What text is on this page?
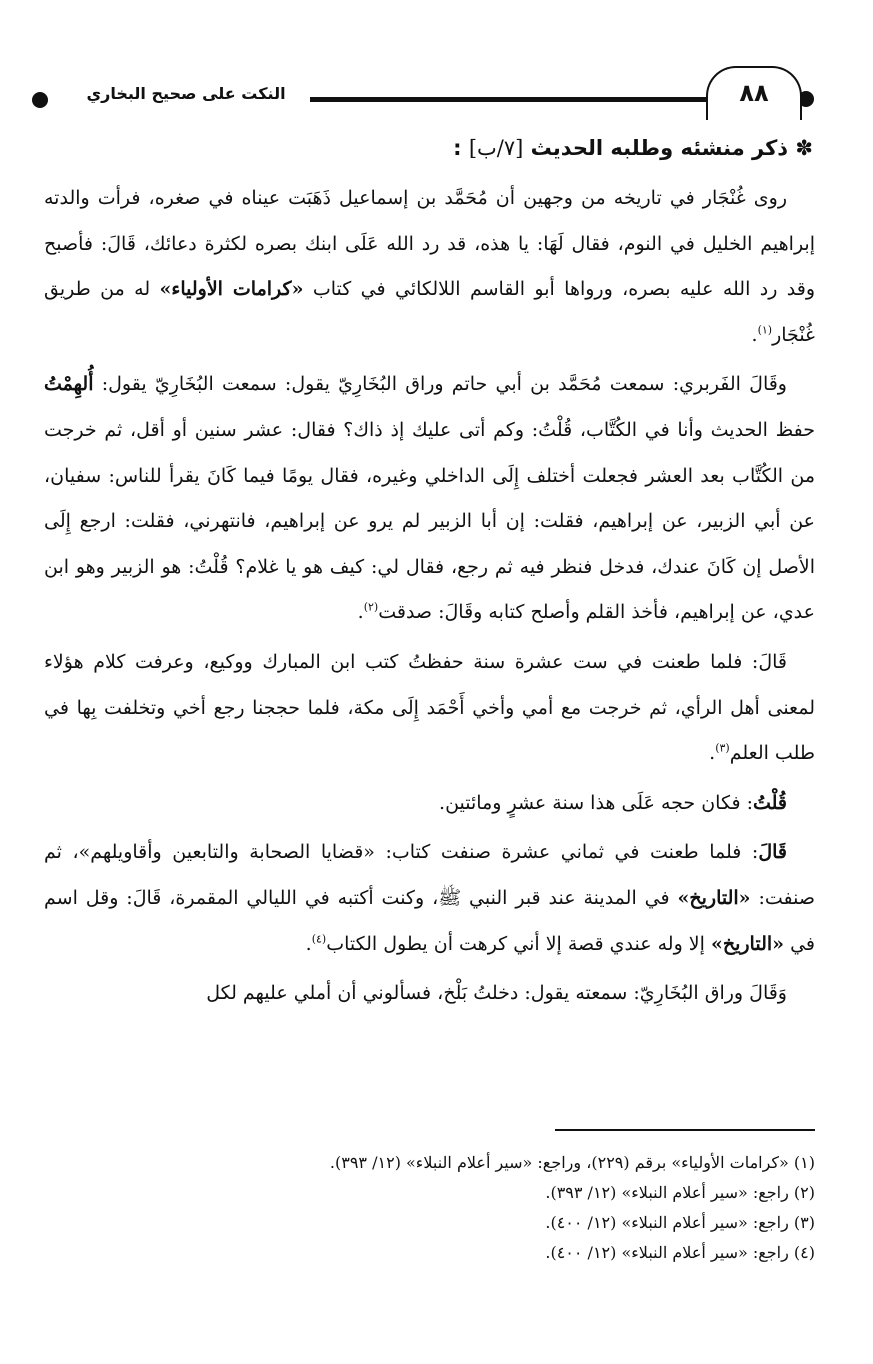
٨٨
النكت على صحيح البخاري
✽ ذكر منشئه وطلبه الحديث [٧/ب] :

روى غُنْجَار في تاريخه من وجهين أن مُحَمَّد بن إسماعيل ذَهَبَت عيناه في صغره، فرأت والدته إبراهيم الخليل في النوم، فقال لَهَا: يا هذه، قد رد الله عَلَى ابنك بصره لكثرة دعائك، قَالَ: فأصبح وقد رد الله عليه بصره، ورواها أبو القاسم اللالكائي في كتاب «كرامات الأولياء» له من طريق غُنْجَار$^{(١)}$.

وقَالَ الفَربري: سمعت مُحَمَّد بن أبي حاتم وراق البُخَارِيّ يقول: سمعت البُخَارِيّ يقول: أُلهِمْتُ حفظ الحديث وأنا في الكُتَّاب، قُلْتُ: وكم أتى عليك إذ ذاك؟ فقال: عشر سنين أو أقل، ثم خرجت من الكُتَّاب بعد العشر فجعلت أختلف إِلَى الداخلي وغيره، فقال يومًا فيما كَانَ يقرأ للناس: سفيان، عن أبي الزبير، عن إبراهيم، فقلت: إن أبا الزبير لم يرو عن إبراهيم، فانتهرني، فقلت: ارجع إِلَى الأصل إن كَانَ عندك، فدخل فنظر فيه ثم رجع، فقال لي: كيف هو يا غلام؟ قُلْتُ: هو الزبير وهو ابن عدي، عن إبراهيم، فأخذ القلم وأصلح كتابه وقَالَ: صدقت$^{(٢)}$.

قَالَ: فلما طعنت في ست عشرة سنة حفظتُ كتب ابن المبارك ووكيع، وعرفت كلام هؤلاء لمعنى أهل الرأي، ثم خرجت مع أمي وأخي أَحْمَد إِلَى مكة، فلما حججنا رجع أخي وتخلفت بِها في طلب العلم$^{(٣)}$.

قُلْتُ: فكان حجه عَلَى هذا سنة عشرٍ ومائتين.

قَالَ: فلما طعنت في ثماني عشرة صنفت كتاب: «قضايا الصحابة والتابعين وأقاويلهم»، ثم صنفت: «التاريخ» في المدينة عند قبر النبي ﷺ، وكنت أكتبه في الليالي المقمرة، قَالَ: وقل اسم في «التاريخ» إلا وله عندي قصة إلا أني كرهت أن يطول الكتاب$^{(٤)}$.

وَقَالَ وراق البُخَارِيّ: سمعته يقول: دخلتُ بَلْخ، فسألوني أن أملي عليهم لكل

(١) «كرامات الأولياء» برقم (٢٢٩)، وراجع: «سير أعلام النبلاء» (١٢/ ٣٩٣).
(٢) راجع: «سير أعلام النبلاء» (١٢/ ٣٩٣).
(٣) راجع: «سير أعلام النبلاء» (١٢/ ٤٠٠).
(٤) راجع: «سير أعلام النبلاء» (١٢/ ٤٠٠).
